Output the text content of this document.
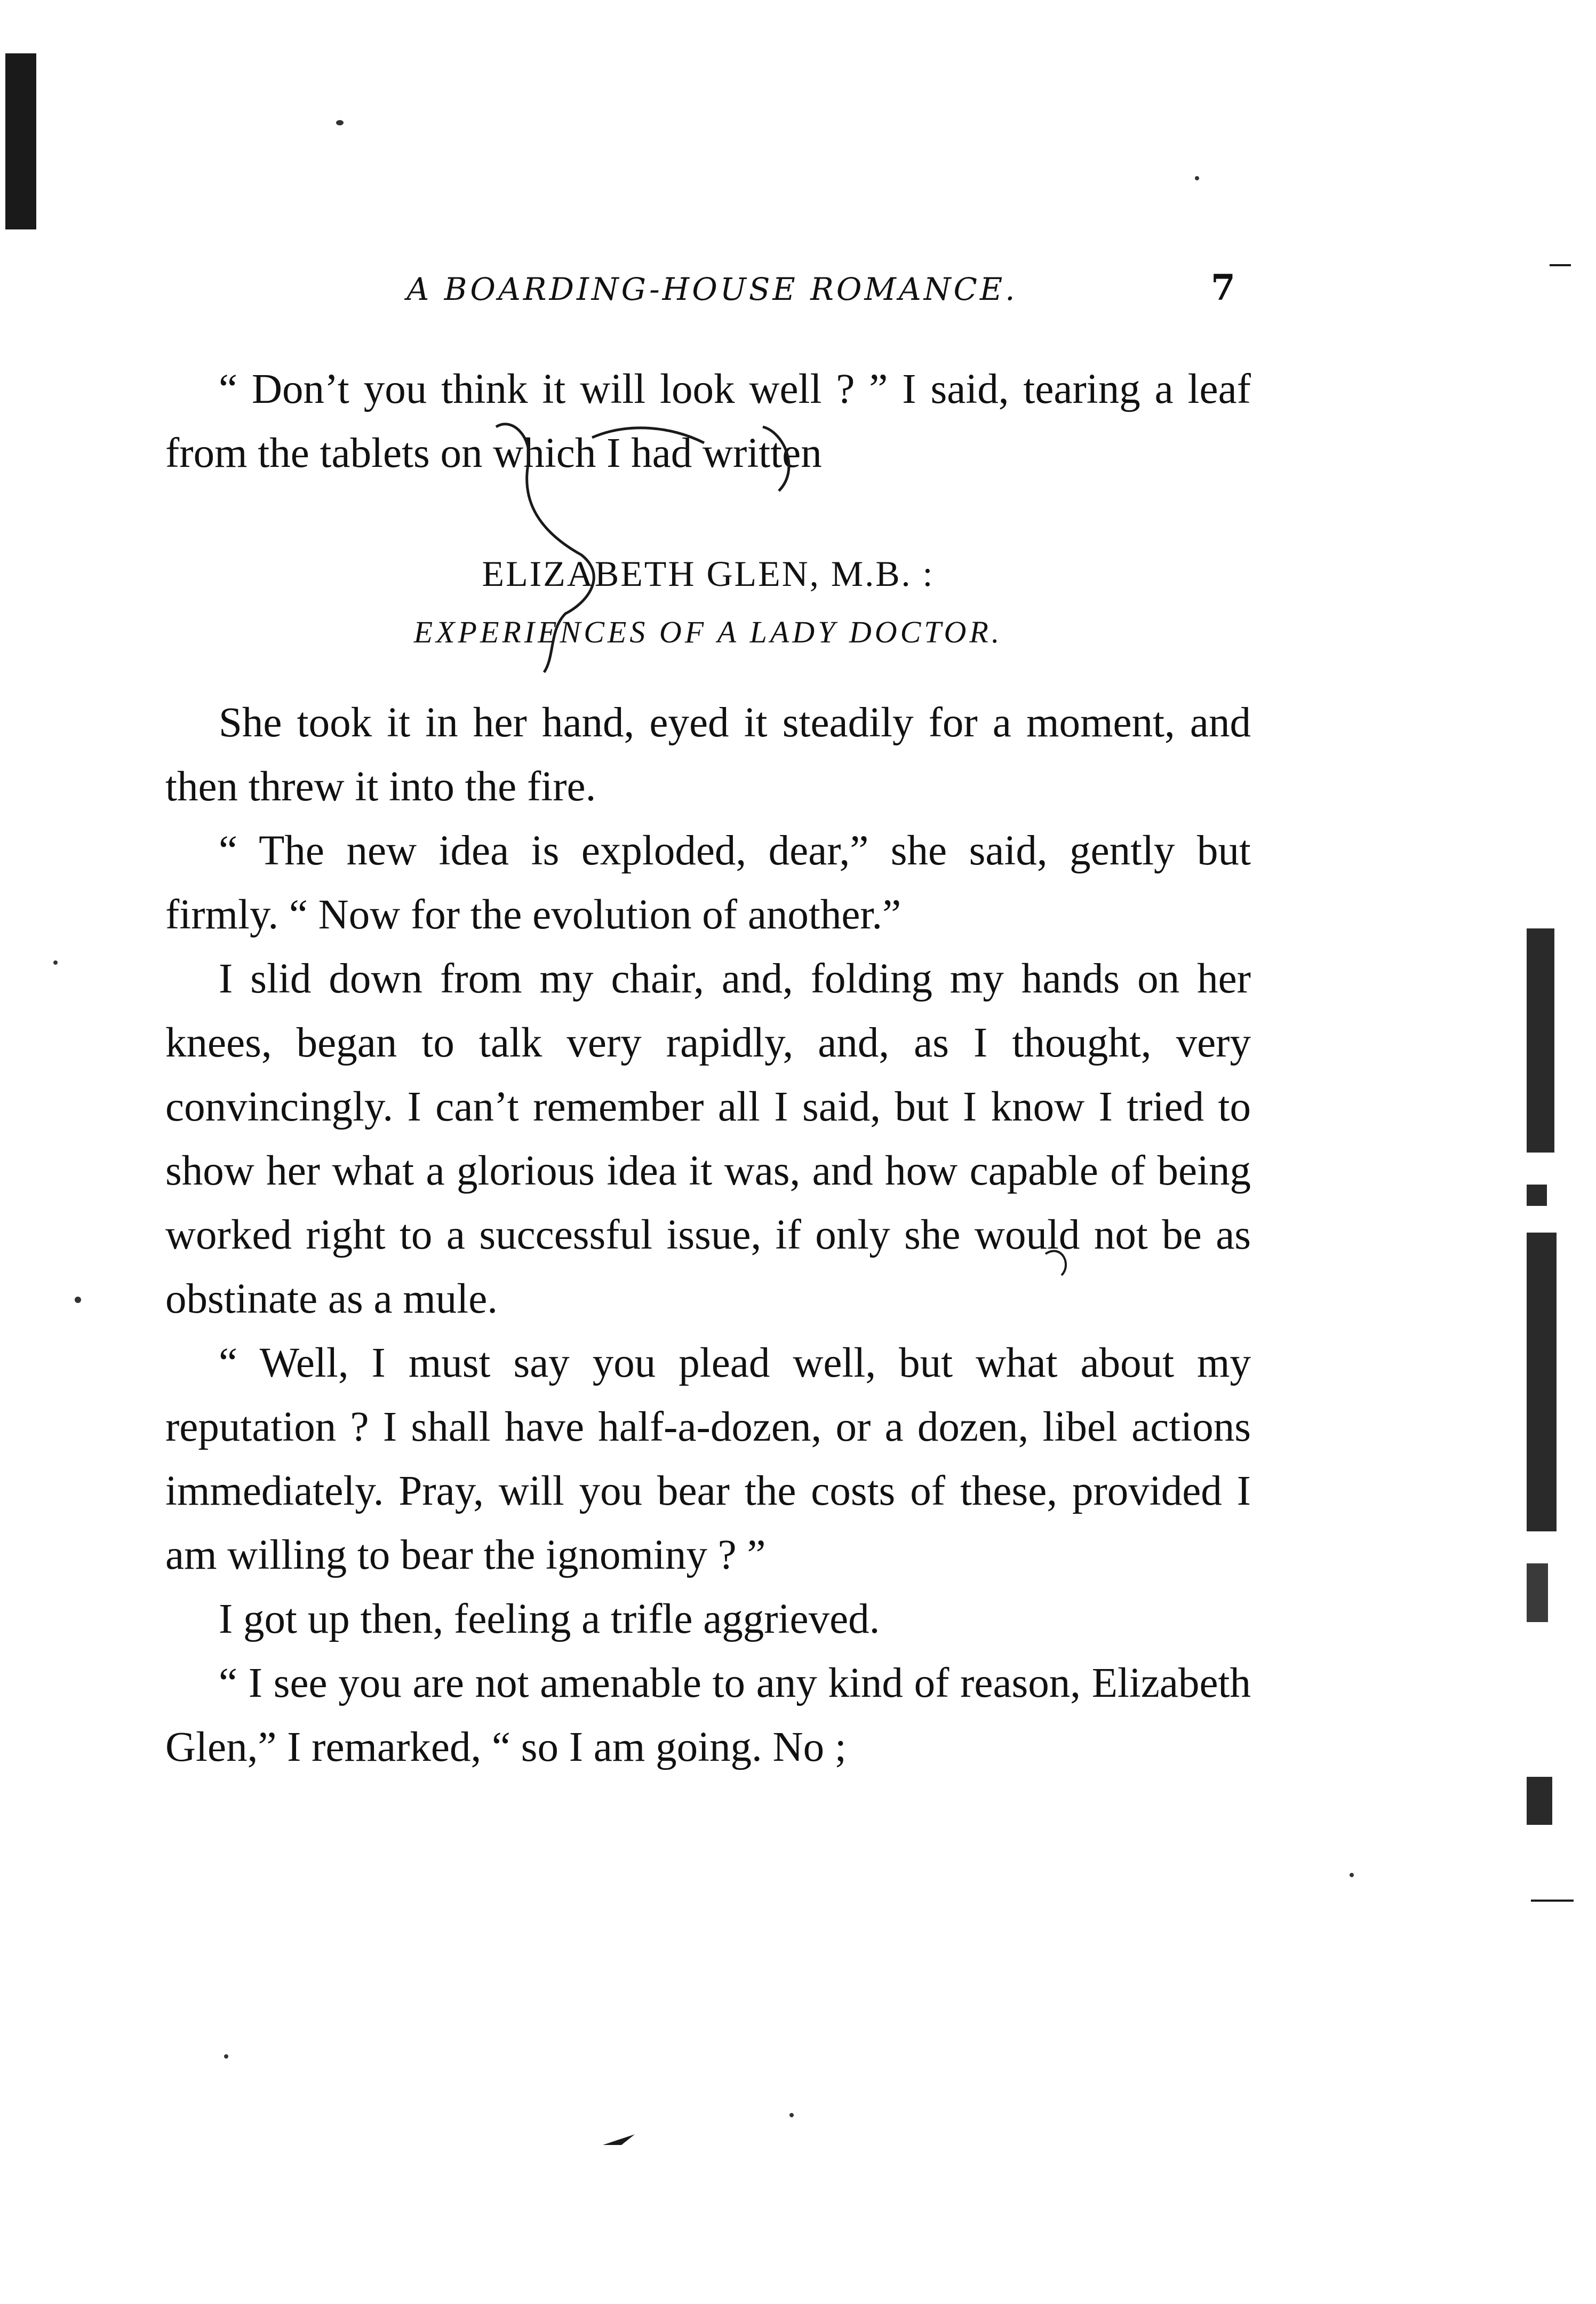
A BOARDING-HOUSE ROMANCE.	7

“ Don’t you think it will look well ? ” I said, tearing a leaf from the tablets on which I had written

ELIZABETH GLEN, M.B. :

EXPERIENCES OF A LADY DOCTOR.

She took it in her hand, eyed it steadily for a moment, and then threw it into the fire.

“ The new idea is exploded, dear,” she said, gently but firmly. “ Now for the evolution of another.”

I slid down from my chair, and, folding my hands on her knees, began to talk very rapidly, and, as I thought, very convincingly. I can’t remember all I said, but I know I tried to show her what a glorious idea it was, and how capable of being worked right to a successful issue, if only she would not be as obstinate as a mule.

“ Well, I must say you plead well, but what about my reputation ? I shall have half-a-dozen, or a dozen, libel actions immediately. Pray, will you bear the costs of these, provided I am willing to bear the ignominy ? ”

I got up then, feeling a trifle aggrieved.

“ I see you are not amenable to any kind of reason, Elizabeth Glen,” I remarked, “ so I am going. No ;
